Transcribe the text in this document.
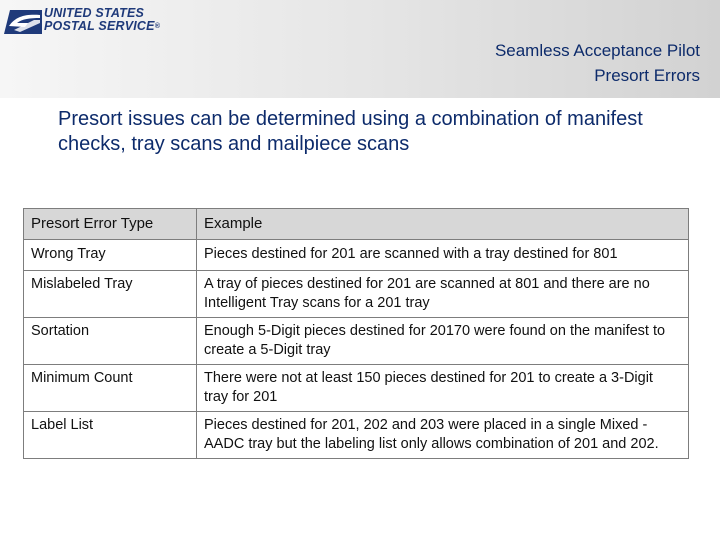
UNITED STATES
POSTAL SERVICE®
Seamless Acceptance Pilot
Presort Errors
Presort issues can be determined using a combination of manifest checks, tray scans and mailpiece scans
Presort Error Type	Example
Wrong Tray	Pieces destined for 201 are scanned with a tray destined for 801
Mislabeled Tray	A tray of pieces destined for 201 are scanned at 801 and there are no Intelligent Tray scans for a 201 tray
Sortation	Enough 5-Digit pieces destined for 20170 were found on the manifest to create a 5-Digit tray
Minimum Count	There were not at least 150 pieces destined for 201 to create a 3-Digit tray for 201
Label List	Pieces destined for 201, 202 and 203 were placed in a single Mixed -AADC tray but the labeling list only allows combination of 201 and 202.
